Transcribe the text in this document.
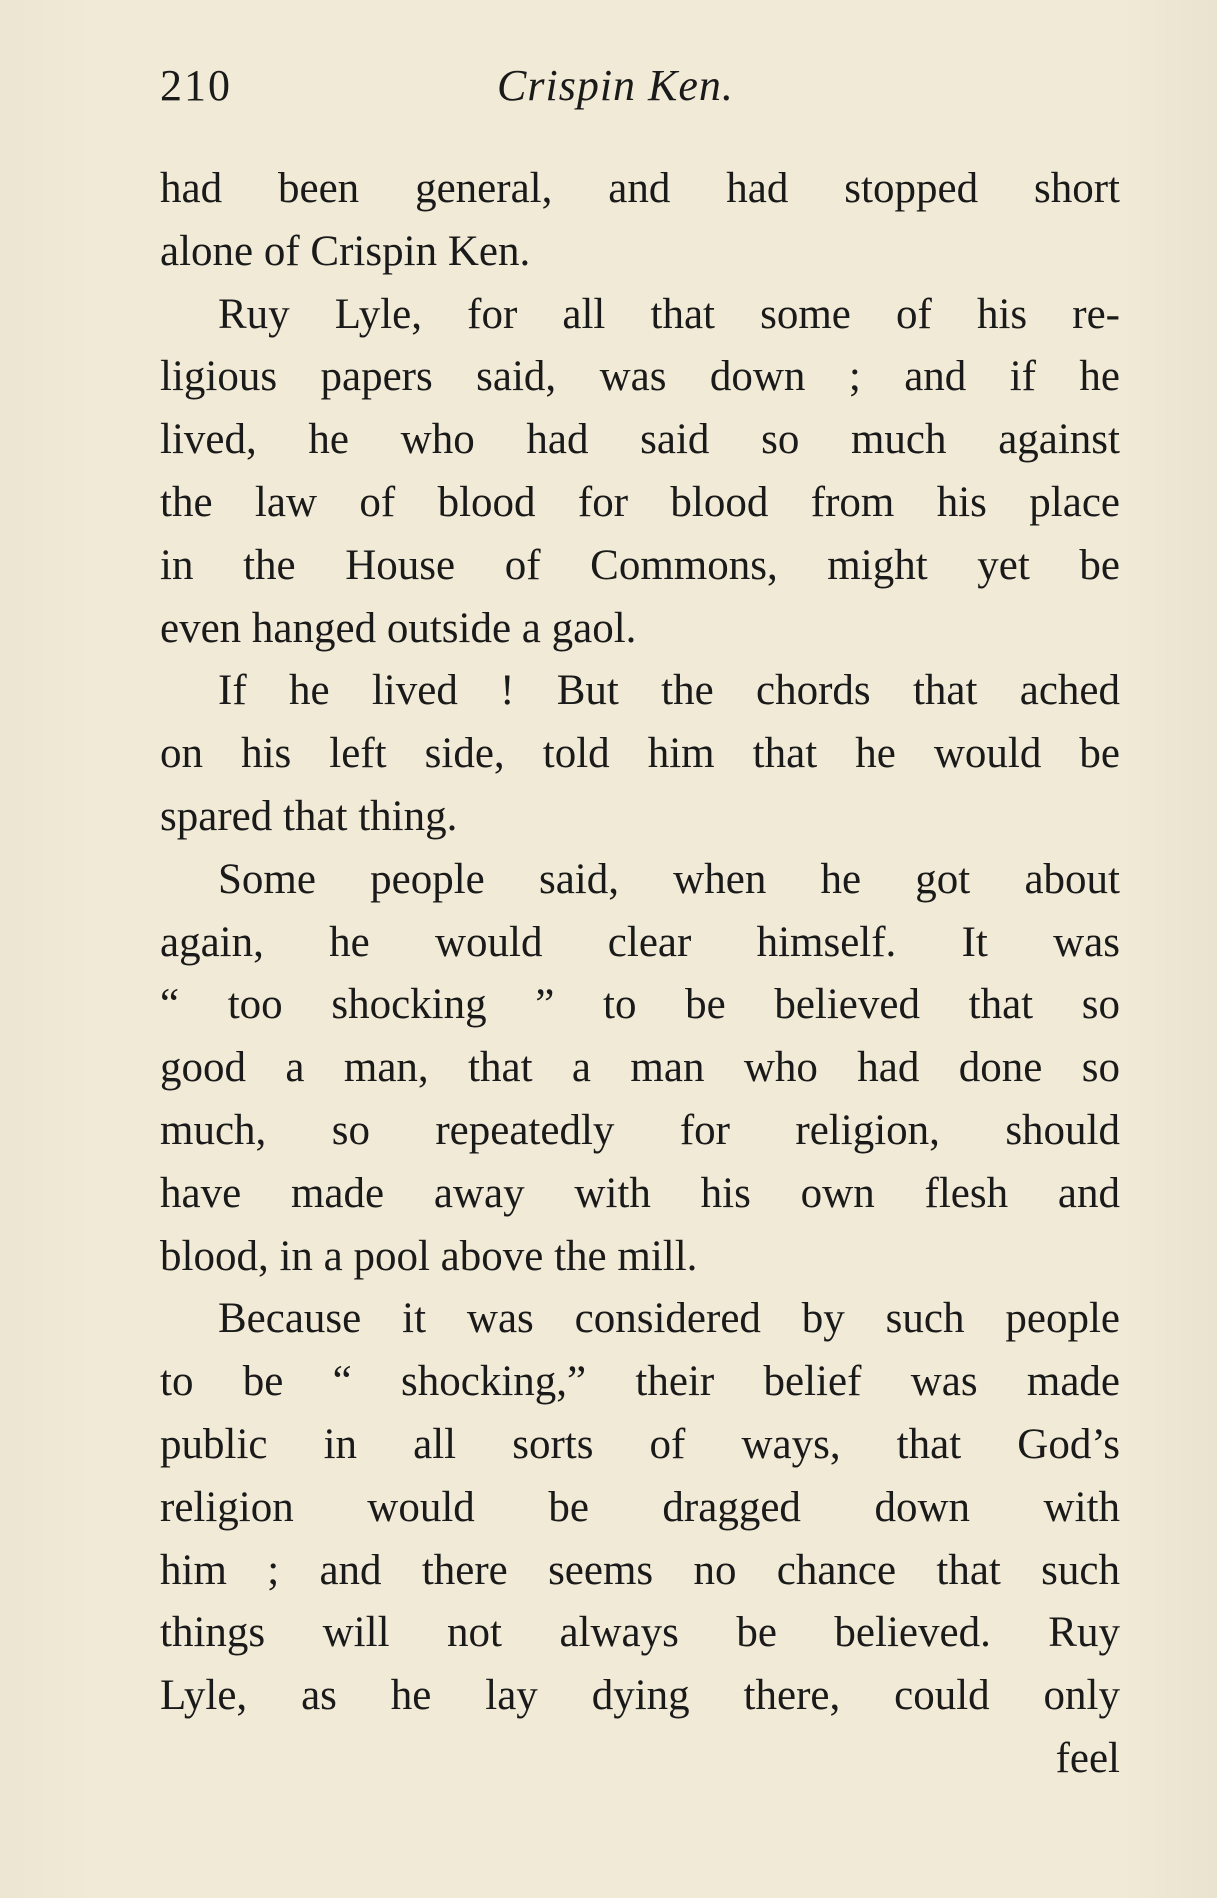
210	Crispin Ken.
had been general, and had stopped short
alone of Crispin Ken.
Ruy Lyle, for all that some of his re-
ligious papers said, was down ; and if he
lived, he who had said so much against
the law of blood for blood from his place
in the House of Commons, might yet be
even hanged outside a gaol.
If he lived ! But the chords that ached
on his left side, told him that he would be
spared that thing.
Some people said, when he got about
again, he would clear himself. It was
“ too shocking ” to be believed that so
good a man, that a man who had done so
much, so repeatedly for religion, should
have made away with his own flesh and
blood, in a pool above the mill.
Because it was considered by such people
to be “ shocking,” their belief was made
public in all sorts of ways, that God’s
religion would be dragged down with
him ; and there seems no chance that such
things will not always be believed. Ruy
Lyle, as he lay dying there, could only
feel
